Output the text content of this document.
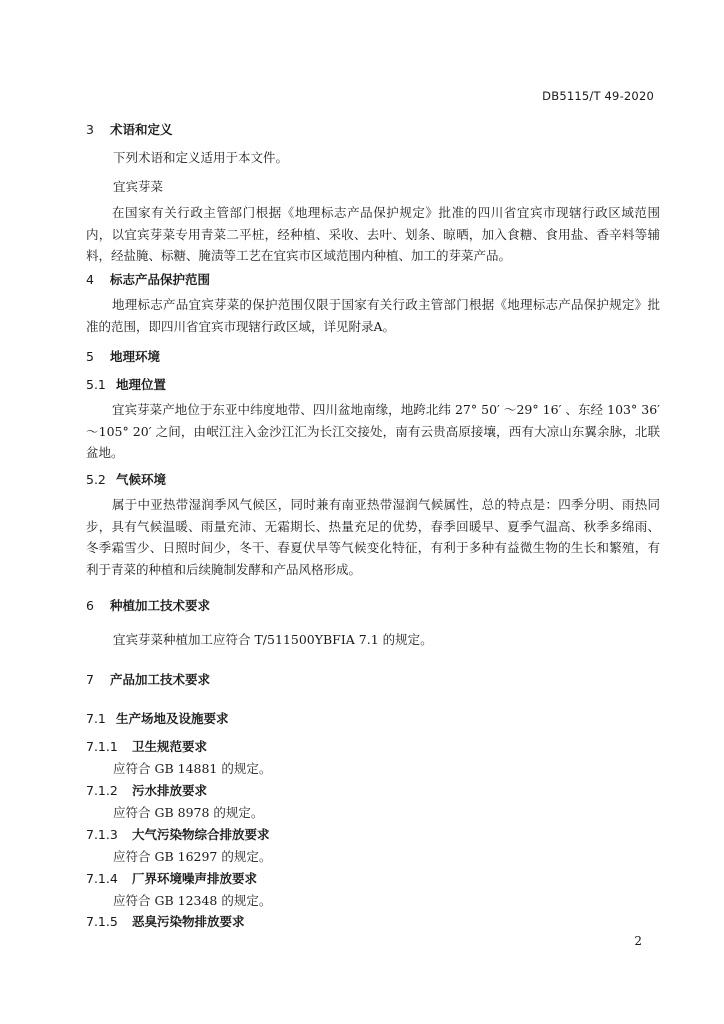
DB5115/T 49-2020
3 术语和定义
下列术语和定义适用于本文件。
宜宾芽菜
在国家有关行政主管部门根据《地理标志产品保护规定》批准的四川省宜宾市现辖行政区域范围内，以宜宾芽菜专用青菜二平桩，经种植、采收、去叶、划条、晾晒，加入食糖、食用盐、香辛料等辅料，经盐腌、标糖、腌渍等工艺在宜宾市区域范围内种植、加工的芽菜产品。
4 标志产品保护范围
地理标志产品宜宾芽菜的保护范围仅限于国家有关行政主管部门根据《地理标志产品保护规定》批准的范围，即四川省宜宾市现辖行政区域，详见附录A。
5 地理环境
5.1 地理位置
宜宾芽菜产地位于东亚中纬度地带、四川盆地南缘，地跨北纬 27° 50′ ～29° 16′ 、东经 103° 36′ ～105° 20′ 之间，由岷江注入金沙江汇为长江交接处，南有云贵高原接壤，西有大凉山东翼余脉，北联盆地。
5.2 气候环境
属于中亚热带湿润季风气候区，同时兼有南亚热带湿润气候属性，总的特点是：四季分明、雨热同步，具有气候温暖、雨量充沛、无霜期长、热量充足的优势，春季回暖早、夏季气温高、秋季多绵雨、冬季霜雪少、日照时间少，冬干、春夏伏旱等气候变化特征，有利于多种有益微生物的生长和繁殖，有利于青菜的种植和后续腌制发酵和产品风格形成。
6 种植加工技术要求
宜宾芽菜种植加工应符合 T/511500YBFIA 7.1 的规定。
7 产品加工技术要求
7.1 生产场地及设施要求
7.1.1 卫生规范要求
应符合 GB 14881 的规定。
7.1.2 污水排放要求
应符合 GB 8978 的规定。
7.1.3 大气污染物综合排放要求
应符合 GB 16297 的规定。
7.1.4 厂界环境噪声排放要求
应符合 GB 12348 的规定。
7.1.5 恶臭污染物排放要求
2
